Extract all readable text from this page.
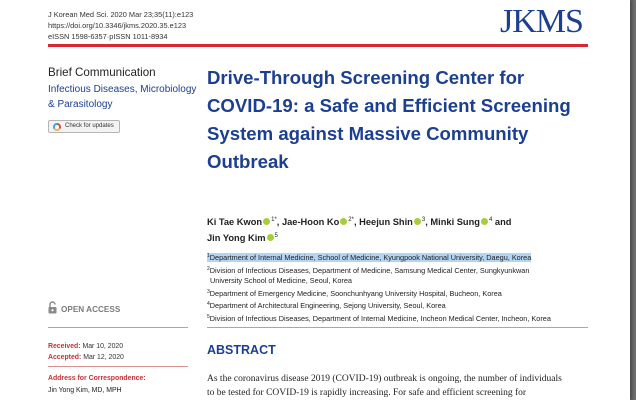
J Korean Med Sci. 2020 Mar 23;35(11):e123
https://doi.org/10.3346/jkms.2020.35.e123
eISSN 1598-6357·pISSN 1011-8934	JKMS
Brief Communication
Infectious Diseases, Microbiology & Parasitology
Check for updates
Drive-Through Screening Center for COVID-19: a Safe and Efficient Screening System against Massive Community Outbreak
Ki Tae Kwon $^{1*}$, Jae-Hoon Ko $^{2*}$, Heejun Shin $^3$, Minki Sung $^4$ and
Jin Yong Kim $^5$
$^1$Department of Internal Medicine, School of Medicine, Kyungpook National University, Daegu, Korea
$^2$Division of Infectious Diseases, Department of Medicine, Samsung Medical Center, Sungkyunkwan
University School of Medicine, Seoul, Korea
$^3$Department of Emergency Medicine, Soonchunhyang University Hospital, Bucheon, Korea
$^4$Department of Architectural Engineering, Sejong University, Seoul, Korea
$^5$Division of Infectious Diseases, Department of Internal Medicine, Incheon Medical Center, Incheon, Korea
OPEN ACCESS
Received: Mar 10, 2020
Accepted: Mar 12, 2020
Address for Correspondence:
Jin Yong Kim, MD, MPH
ABSTRACT
As the coronavirus disease 2019 (COVID-19) outbreak is ongoing, the number of individuals
to be tested for COVID-19 is rapidly increasing. For safe and efficient screening for
